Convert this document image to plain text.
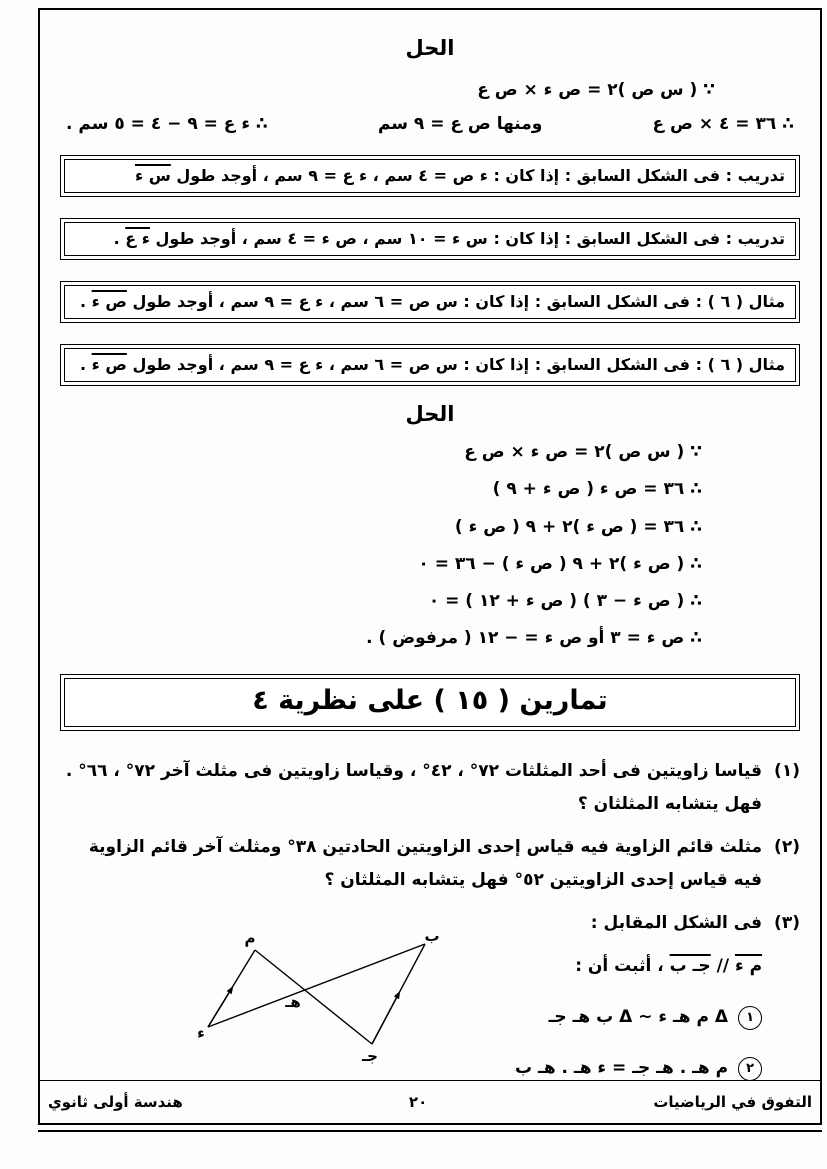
الحل
∵ ( س ص )٢ = ص ء × ص ع
∴ ٣٦ = ٤ × ص ع
ومنها ص ع = ٩ سم
∴ ء ع = ٩ − ٤ = ٥ سم .
تدريب : فى الشكل السابق : إذا كان : ء ص = ٤ سم ، ء ع = ٩ سم ، أوجد طول س ء
تدريب : فى الشكل السابق : إذا كان : س ء = ١٠ سم ، ص ء = ٤ سم ، أوجد طول ء ع .
مثال ( ٦ ) : فى الشكل السابق : إذا كان : س ص = ٦ سم ، ء ع = ٩ سم ، أوجد طول ص ء .
مثال ( ٦ ) : فى الشكل السابق : إذا كان : س ص = ٦ سم ، ء ع = ٩ سم ، أوجد طول ص ء .
الحل
∵ ( س ص )٢ = ص ء × ص ع
∴ ٣٦ = ص ء ( ص ء + ٩ )
∴ ٣٦ = ( ص ء )٢ + ٩ ( ص ء )
∴ ( ص ء )٢ + ٩ ( ص ء ) − ٣٦ = ٠
∴ ( ص ء − ٣ ) ( ص ء + ١٢ ) = ٠
∴ ص ء = ٣ أو ص ء = − ١٢ ( مرفوض ) .
تمارين ( ١٥ ) على نظرية ٤
(١)
قياسا زاويتين فى أحد المثلثات ٧٢° ، ٤٢° ، وقياسا زاويتين فى مثلث آخر ٧٢° ، ٦٦° . فهل يتشابه المثلثان ؟
(٢)
مثلث قائم الزاوية فيه قياس إحدى الزاويتين الحادتين ٣٨° ومثلث آخر قائم الزاوية فيه قياس إحدى الزاويتين ٥٢° فهل يتشابه المثلثان ؟
(٣)
فى الشكل المقابل :
م ء // جـ ب ، أثبت أن :
١
Δ م هـ ء ~ Δ ب هـ جـ
٢
م هـ . هـ جـ = ء هـ . هـ ب
م	ب
ء
جـ
هـ
التفوق في الرياضيات
٢٠
هندسة أولى ثانوي
